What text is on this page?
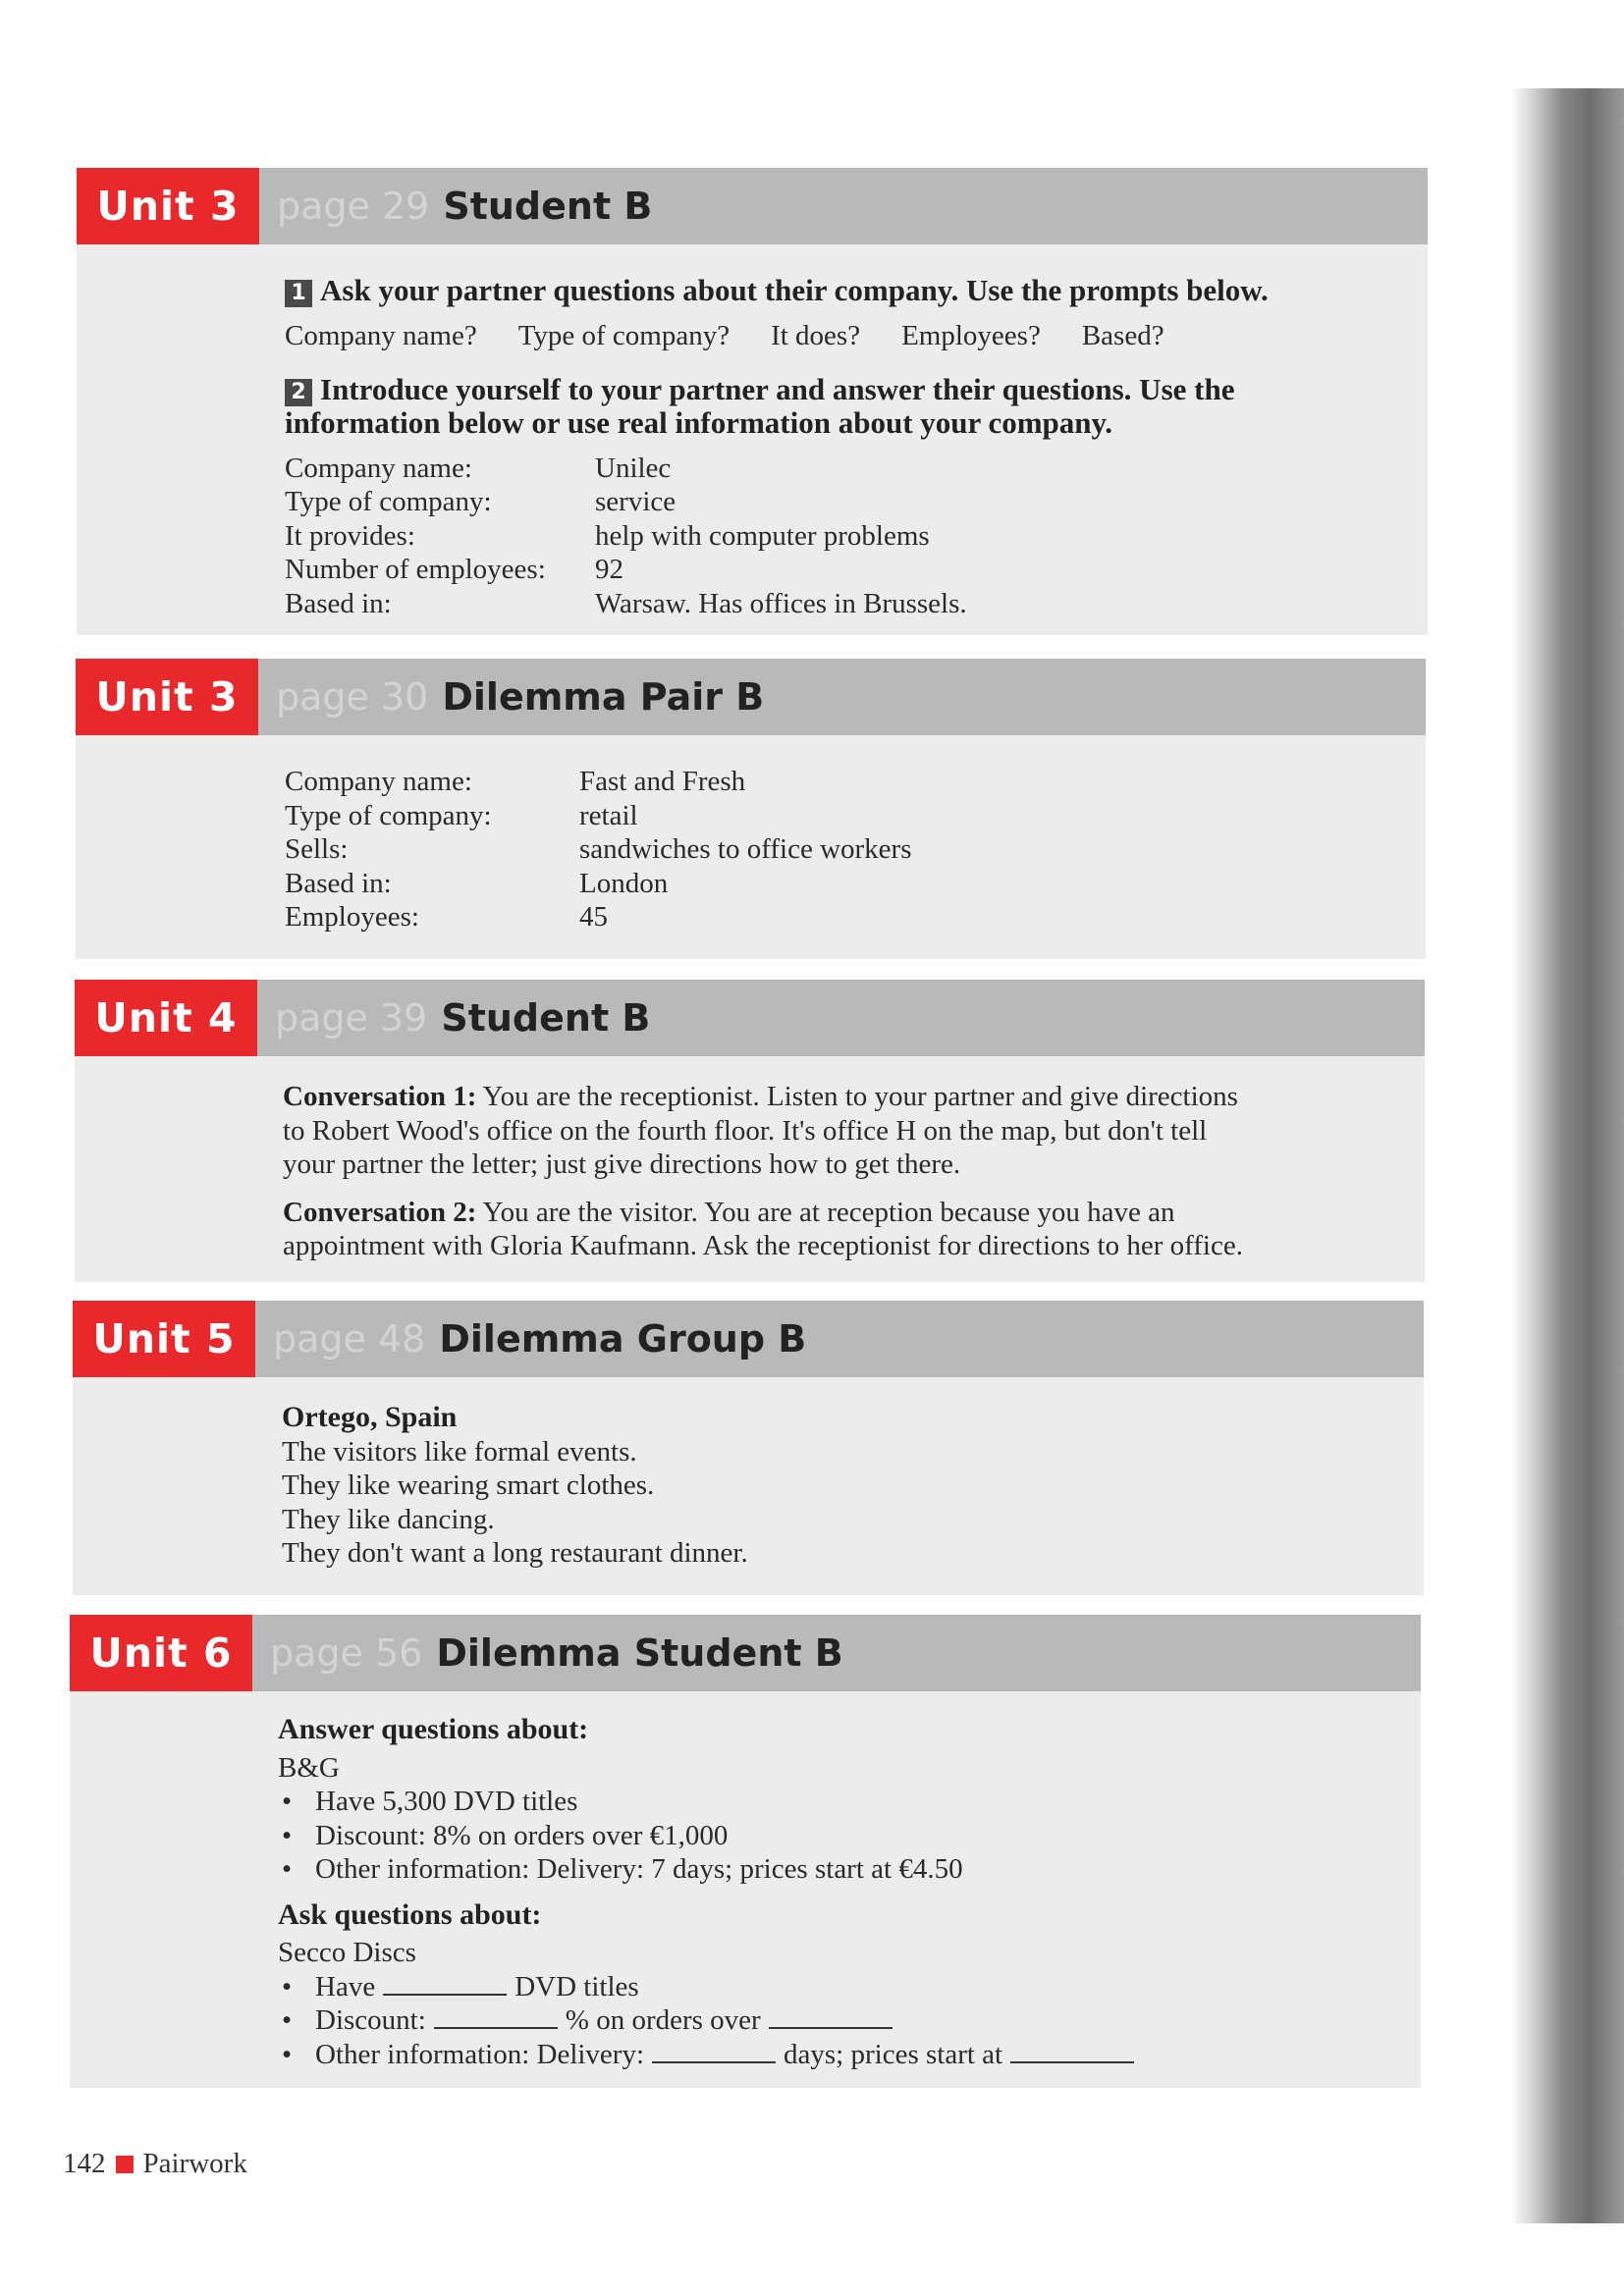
Unit 3	page 29 Student B
1 Ask your partner questions about their company. Use the prompts below.
Company name? Type of company? It does? Employees? Based?
2 Introduce yourself to your partner and answer their questions. Use the
information below or use real information about your company.
Company name:	Unilec
Type of company:	service
It provides:	help with computer problems
Number of employees:	92
Based in:	Warsaw. Has offices in Brussels.
Unit 3	page 30 Dilemma Pair B
Company name:	Fast and Fresh
Type of company:	retail
Sells:	sandwiches to office workers
Based in:	London
Employees:	45
Unit 4	page 39 Student B

Conversation 1: You are the receptionist. Listen to your partner and give directions
to Robert Wood's office on the fourth floor. It's office H on the map, but don't tell
your partner the letter; just give directions how to get there.

Conversation 2: You are the visitor. You are at reception because you have an
appointment with Gloria Kaufmann. Ask the receptionist for directions to her office.

Unit 5	page 48 Dilemma Group B

Ortego, Spain

The visitors like formal events.

They like wearing smart clothes.

They like dancing.

They don't want a long restaurant dinner.

Unit 6	page 56 Dilemma Student B

Answer questions about:

B&G

• Have 5,300 DVD titles
• Discount: 8% on orders over €1,000
• Other information: Delivery: 7 days; prices start at €4.50

Ask questions about:

Secco Discs

• Have	DVD titles
• Discount:	% on orders over
• Other information: Delivery:	days; prices start at
142 Pairwork
